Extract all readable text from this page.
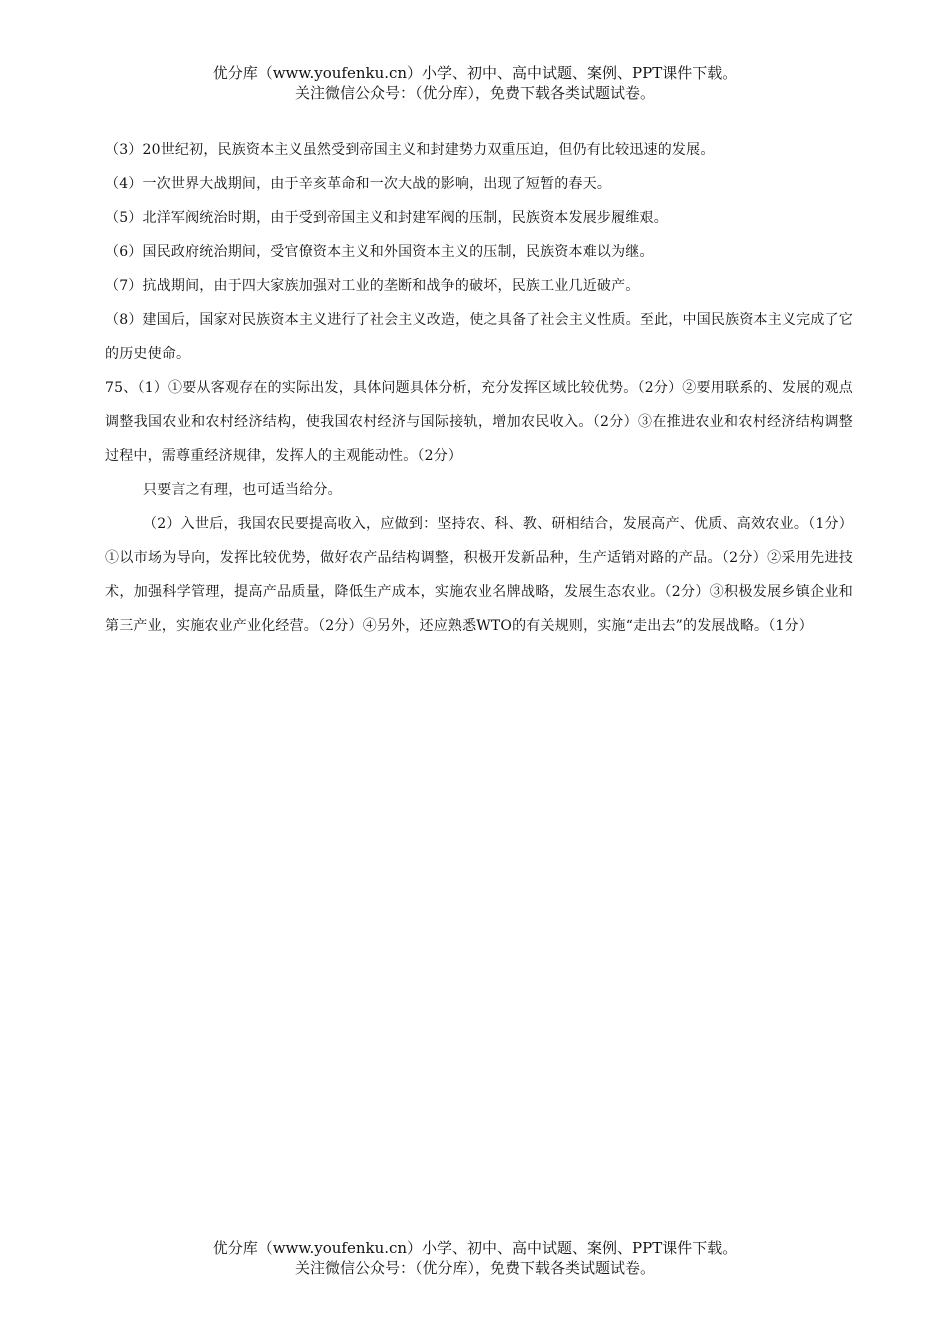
优分库（www.youfenku.cn）小学、初中、高中试题、案例、PPT课件下载。
关注微信公众号：（优分库），免费下载各类试题试卷。
（3）20世纪初，民族资本主义虽然受到帝国主义和封建势力双重压迫，但仍有比较迅速的发展。
（4）一次世界大战期间，由于辛亥革命和一次大战的影响，出现了短暂的春天。
（5）北洋军阀统治时期，由于受到帝国主义和封建军阀的压制，民族资本发展步履维艰。
（6）国民政府统治期间，受官僚资本主义和外国资本主义的压制，民族资本难以为继。
（7）抗战期间，由于四大家族加强对工业的垄断和战争的破坏，民族工业几近破产。

（8）建国后，国家对民族资本主义进行了社会主义改造，使之具备了社会主义性质。至此，中国民族资本主义完成了它的历史使命。

75、（1）①要从客观存在的实际出发，具体问题具体分析，充分发挥区域比较优势。（2分）②要用联系的、发展的观点调整我国农业和农村经济结构，使我国农村经济与国际接轨，增加农民收入。（2分）③在推进农业和农村经济结构调整过程中，需尊重经济规律，发挥人的主观能动性。（2分）

只要言之有理，也可适当给分。

（2）入世后，我国农民要提高收入，应做到：坚持农、科、教、研相结合，发展高产、优质、高效农业。（1分）①以市场为导向，发挥比较优势，做好农产品结构调整，积极开发新品种，生产适销对路的产品。（2分）②采用先进技术，加强科学管理，提高产品质量，降低生产成本，实施农业名牌战略，发展生态农业。（2分）③积极发展乡镇企业和第三产业，实施农业产业化经营。（2分）④另外，还应熟悉WTO的有关规则，实施“走出去”的发展战略。（1分）

优分库（www.youfenku.cn）小学、初中、高中试题、案例、PPT课件下载。
关注微信公众号：（优分库），免费下载各类试题试卷。
